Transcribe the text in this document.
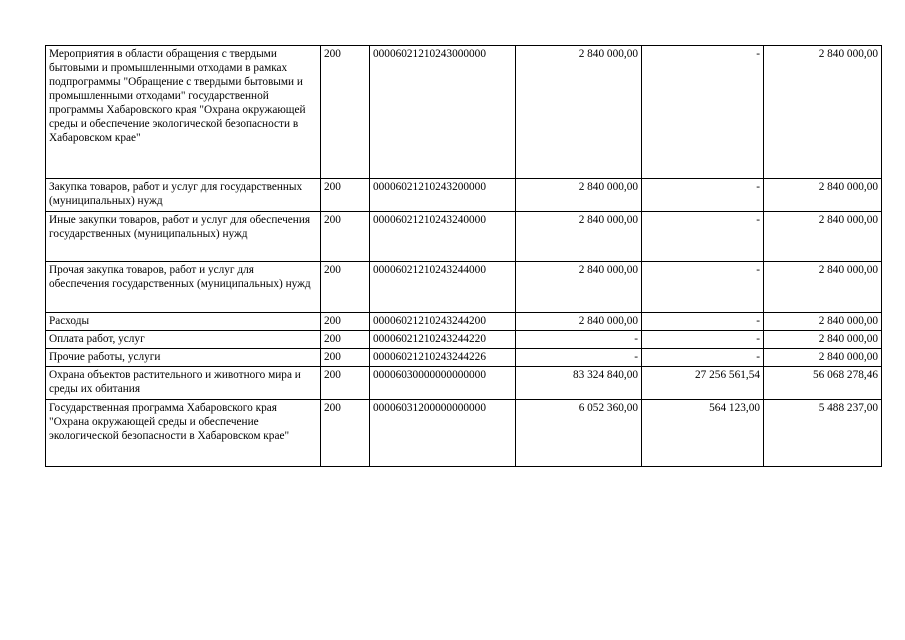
Мероприятия в области обращения с твердыми бытовыми и промышленными отходами в рамках подпрограммы "Обращение с твердыми бытовыми и промышленными отходами" государственной программы Хабаровского края "Охрана окружающей среды и обеспечение экологической безопасности в Хабаровском крае"	200	00006021210243000000	2 840 000,00	-	2 840 000,00
Закупка товаров, работ и услуг для государственных (муниципальных) нужд	200	00006021210243200000	2 840 000,00	-	2 840 000,00
Иные закупки товаров, работ и услуг для обеспечения государственных (муниципальных) нужд	200	00006021210243240000	2 840 000,00	-	2 840 000,00
Прочая закупка товаров, работ и услуг для обеспечения государственных (муниципальных) нужд	200	00006021210243244000	2 840 000,00	-	2 840 000,00
Расходы	200	00006021210243244200	2 840 000,00	-	2 840 000,00
Оплата работ, услуг	200	00006021210243244220	-	-	2 840 000,00
Прочие работы, услуги	200	00006021210243244226	-	-	2 840 000,00
Охрана объектов растительного и животного мира и среды их обитания	200	00006030000000000000	83 324 840,00	27 256 561,54	56 068 278,46
Государственная программа Хабаровского края "Охрана окружающей среды и обеспечение экологической безопасности в Хабаровском крае"	200	00006031200000000000	6 052 360,00	564 123,00	5 488 237,00
